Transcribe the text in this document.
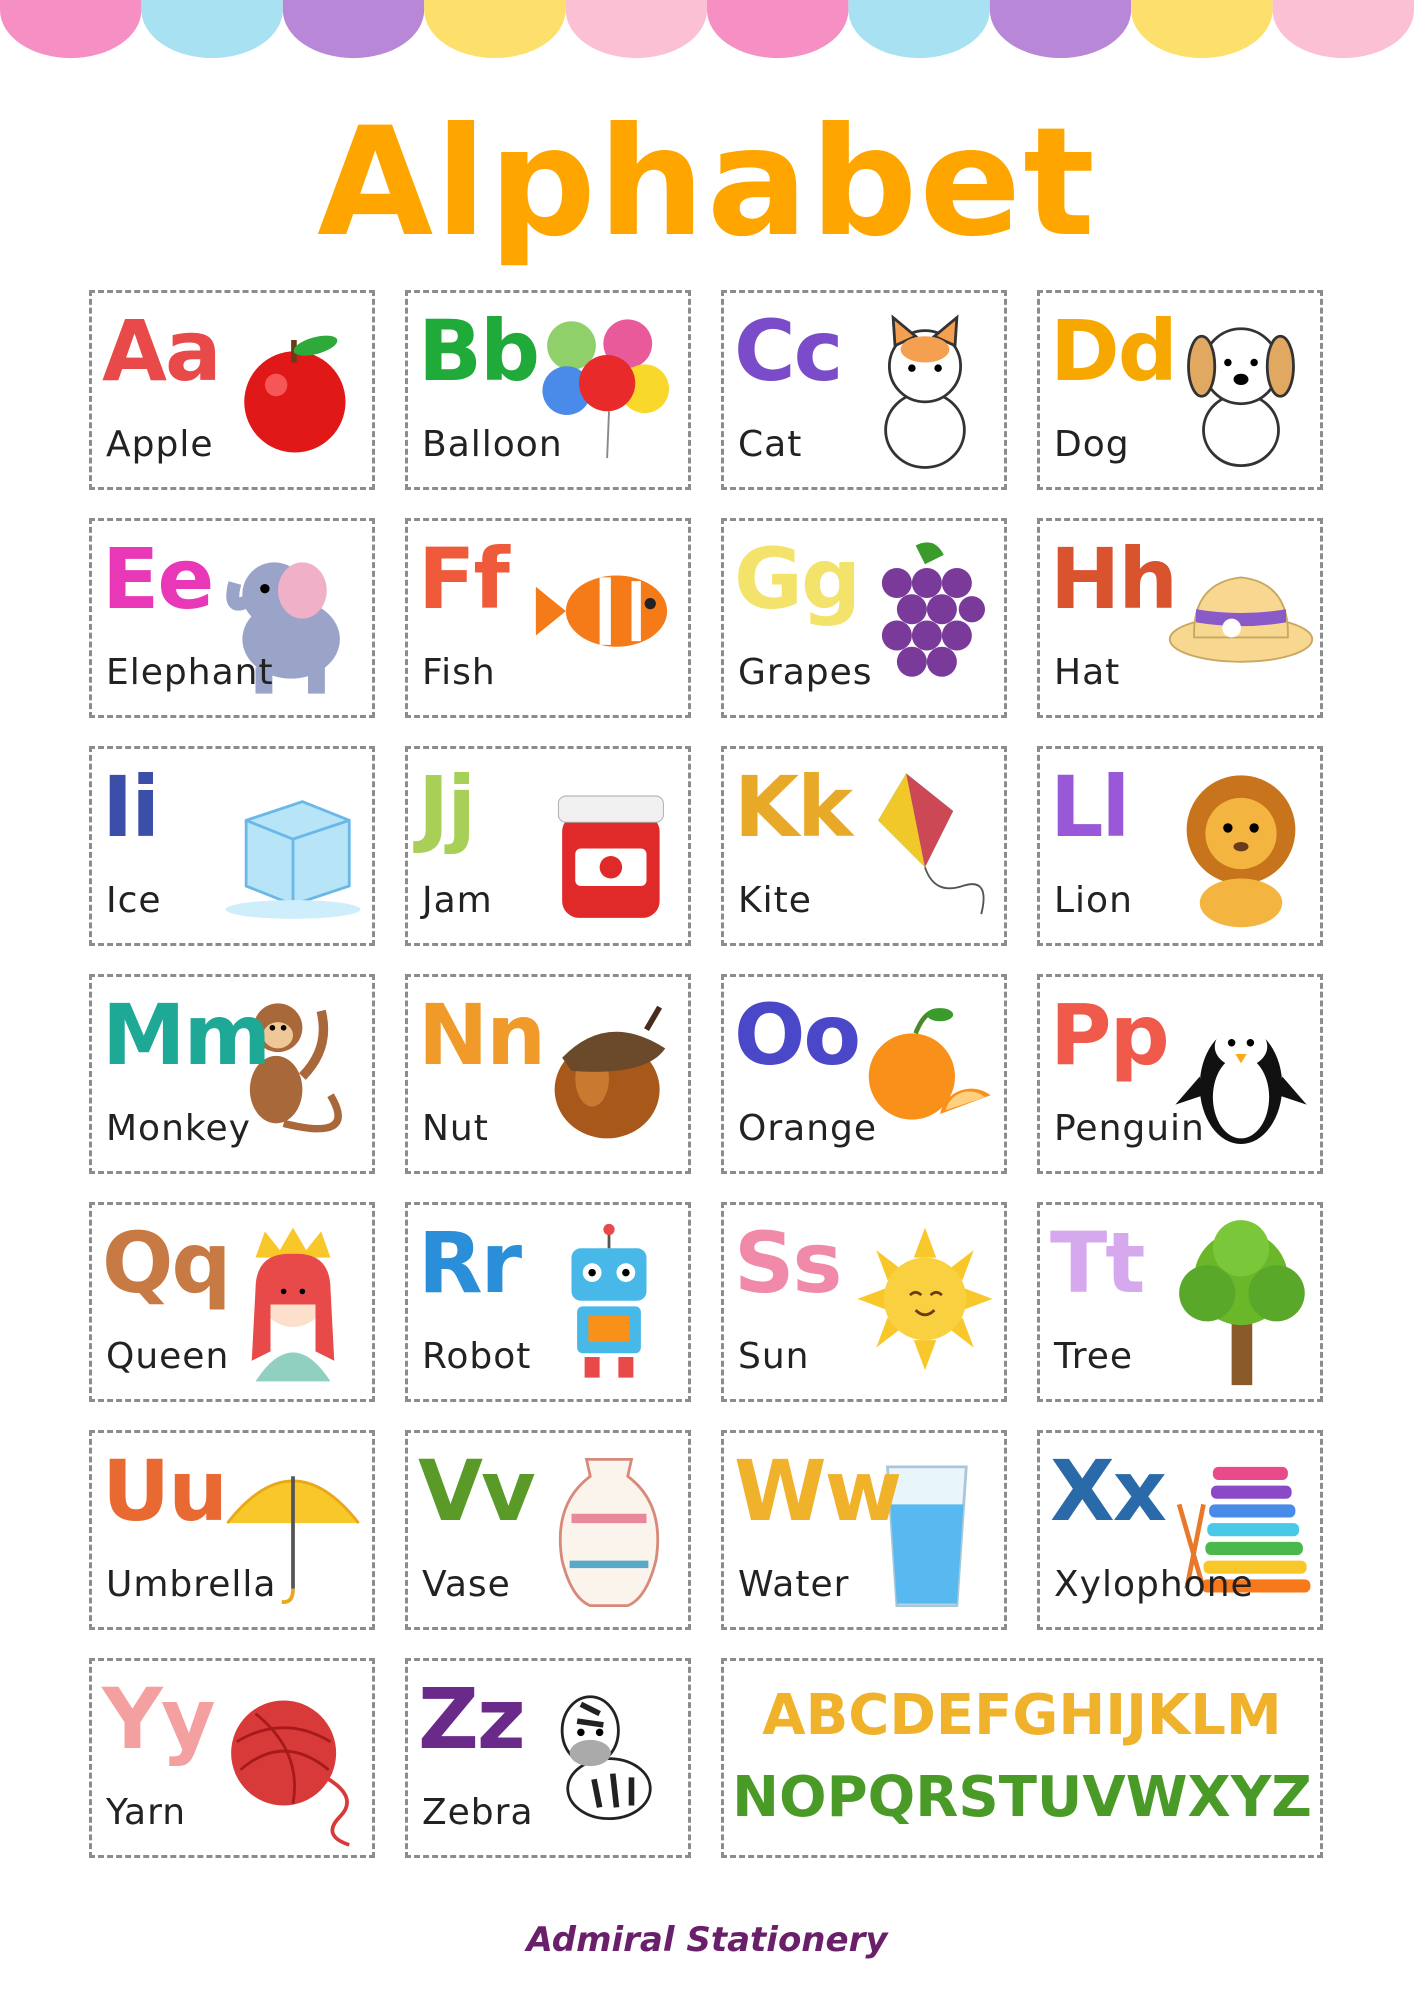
Alphabet
Aa
Apple
Bb
Balloon
Cc
Cat
Dd
Dog
Ee
Elephant
Ff
Fish
Gg
Grapes
Hh
Hat
Ii
Ice
Jj
Jam
Kk
Kite
Ll
Lion
Mm
Monkey
Nn
Nut
Oo
Orange
Pp
Penguin
Qq
Queen
Rr
Robot
Ss
Sun
Tt
Tree
Uu
Umbrella
Vv
Vase
Ww
Water
Xx
Xylophone
Yy
Yarn
Zz
Zebra
ABCDEFGHIJKLM
NOPQRSTUVWXYZ
Admiral Stationery
